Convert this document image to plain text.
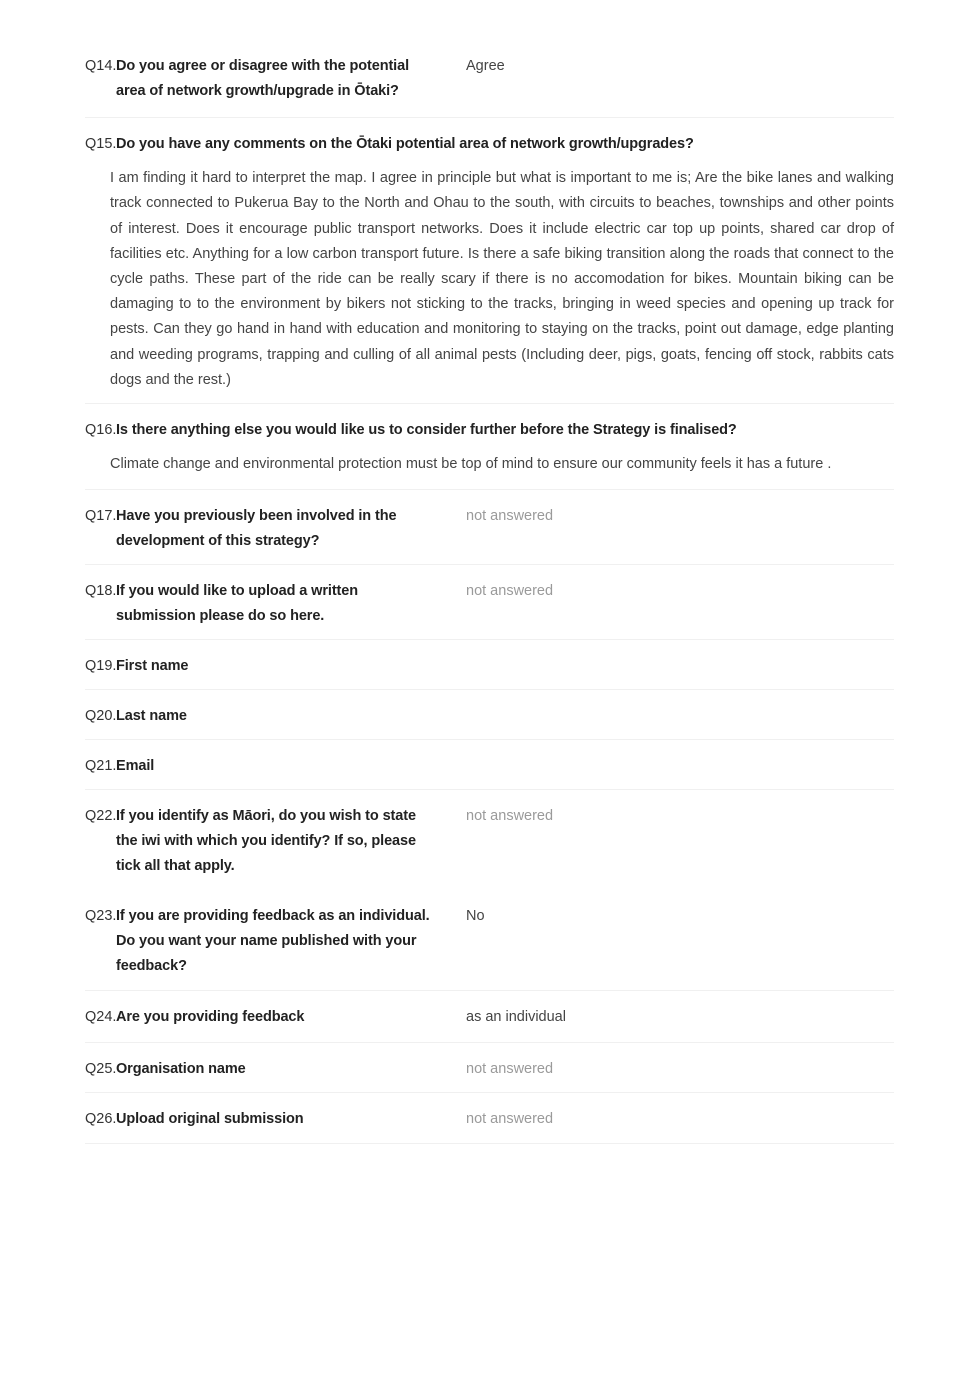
Q14. Do you agree or disagree with the potential area of network growth/upgrade in Ōtaki?
Agree
Q15. Do you have any comments on the Ōtaki potential area of network growth/upgrades?
I am finding it hard to interpret the map. I agree in principle but what is important to me is; Are the bike lanes and walking track connected to Pukerua Bay to the North and Ohau to the south, with circuits to beaches, townships and other points of interest. Does it encourage public transport networks. Does it include electric car top up points, shared car drop of facilities etc. Anything for a low carbon transport future. Is there a safe biking transition along the roads that connect to the cycle paths. These part of the ride can be really scary if there is no accomodation for bikes. Mountain biking can be damaging to to the environment by bikers not sticking to the tracks, bringing in weed species and opening up track for pests. Can they go hand in hand with education and monitoring to staying on the tracks, point out damage, edge planting and weeding programs, trapping and culling of all animal pests (Including deer, pigs, goats, fencing off stock, rabbits cats dogs and the rest.)
Q16. Is there anything else you would like us to consider further before the Strategy is finalised?
Climate change and environmental protection must be top of mind to ensure our community feels it has a future .
Q17. Have you previously been involved in the development of this strategy?
not answered
Q18. If you would like to upload a written submission please do so here.
not answered
Q19. First name
Q20. Last name
Q21. Email
Q22. If you identify as Māori, do you wish to state the iwi with which you identify? If so, please tick all that apply.
not answered
Q23. If you are providing feedback as an individual. Do you want your name published with your feedback?
No
Q24. Are you providing feedback	as an individual
Q25. Organisation name	not answered
Q26. Upload original submission	not answered
